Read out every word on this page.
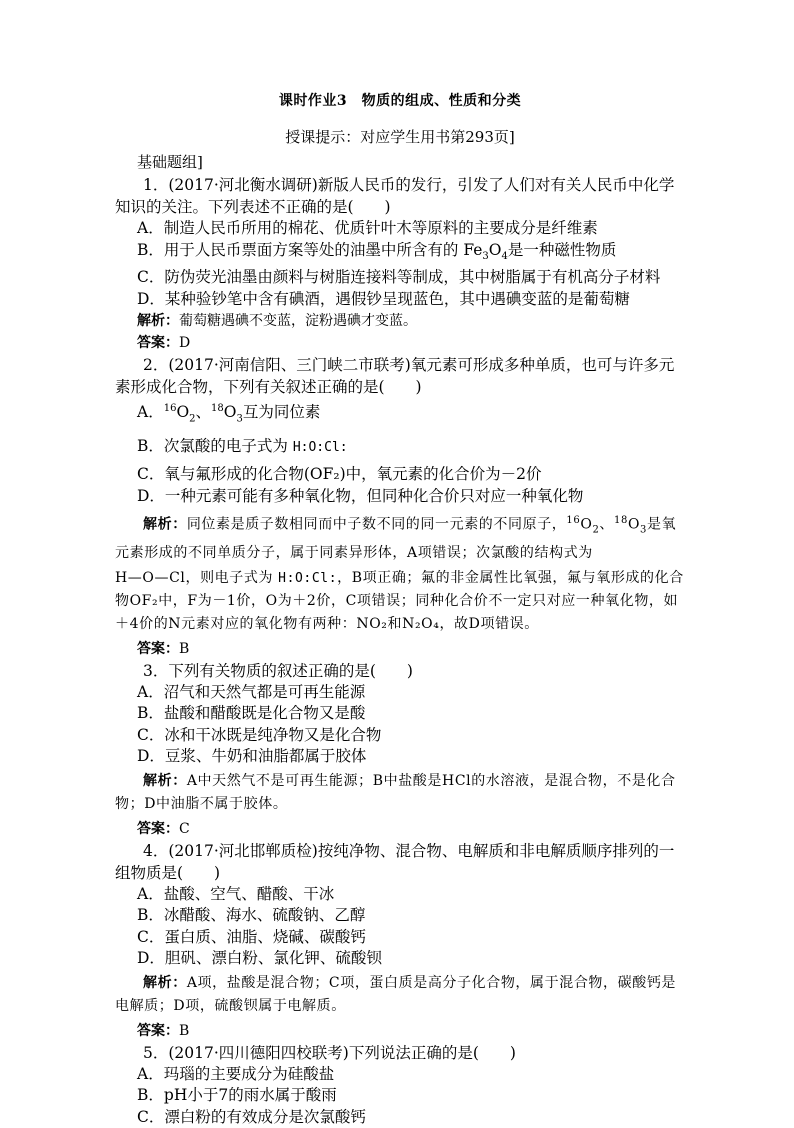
课时作业3　物质的组成、性质和分类
授课提示：对应学生用书第293页]
基础题组]

1．(2017·河北衡水调研)新版人民币的发行，引发了人们对有关人民币中化学知识的关注。下列表述不正确的是(　　)

A．制造人民币所用的棉花、优质针叶木等原料的主要成分是纤维素

B．用于人民币票面方案等处的油墨中所含有的 $Fe_3O_4$是一种磁性物质

C．防伪荧光油墨由颜料与树脂连接料等制成，其中树脂属于有机高分子材料

D．某种验钞笔中含有碘酒，遇假钞呈现蓝色，其中遇碘变蓝的是葡萄糖

解析：葡萄糖遇碘不变蓝，淀粉遇碘才变蓝。

答案：D

2．(2017·河南信阳、三门峡二市联考)氧元素可形成多种单质，也可与许多元素形成化合物，下列有关叙述正确的是(　　)

A．$^{16}O_2$、$^{18}O_3$互为同位素

B．次氯酸的电子式为 H:O:Cl:

C．氧与氟形成的化合物(OF₂)中，氧元素的化合价为－2价

D．一种元素可能有多种氧化物，但同种化合价只对应一种氧化物

解析：同位素是质子数相同而中子数不同的同一元素的不同原子，$^{16}O_2$、$^{18}O_3$是氧元素形成的不同单质分子，属于同素异形体，A项错误；次氯酸的结构式为

H—O—Cl，则电子式为 H:O:Cl:，B项正确；氟的非金属性比氧强，氟与氧形成的化合物OF₂中，F为－1价，O为＋2价，C项错误；同种化合价不一定只对应一种氧化物，如＋4价的N元素对应的氧化物有两种：NO₂和N₂O₄，故D项错误。

答案：B

3．下列有关物质的叙述正确的是(　　)

A．沼气和天然气都是可再生能源

B．盐酸和醋酸既是化合物又是酸

C．冰和干冰既是纯净物又是化合物

D．豆浆、牛奶和油脂都属于胶体

解析：A中天然气不是可再生能源；B中盐酸是HCl的水溶液，是混合物，不是化合物；D中油脂不属于胶体。

答案：C

4．(2017·河北邯郸质检)按纯净物、混合物、电解质和非电解质顺序排列的一组物质是(　　)

A．盐酸、空气、醋酸、干冰

B．冰醋酸、海水、硫酸钠、乙醇

C．蛋白质、油脂、烧碱、碳酸钙

D．胆矾、漂白粉、氯化钾、硫酸钡

解析：A项，盐酸是混合物；C项，蛋白质是高分子化合物，属于混合物，碳酸钙是电解质；D项，硫酸钡属于电解质。

答案：B

5．(2017·四川德阳四校联考)下列说法正确的是(　　)

A．玛瑙的主要成分为硅酸盐

B．pH小于7的雨水属于酸雨

C．漂白粉的有效成分是次氯酸钙
